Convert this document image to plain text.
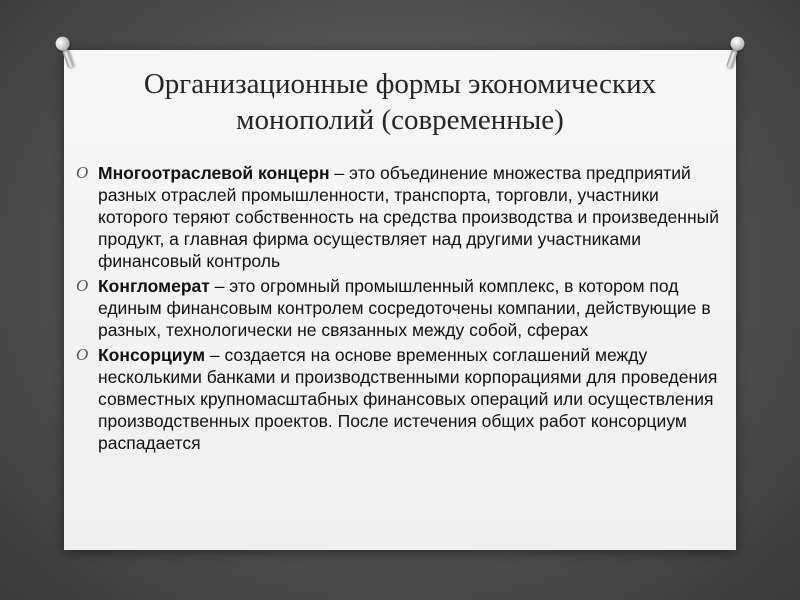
Организационные формы экономических монополий (современные)
O Многоотраслевой концерн – это объединение множества предприятий разных отраслей промышленности, транспорта, торговли, участники которого теряют собственность на средства производства и произведенный продукт, а главная фирма осуществляет над другими участниками финансовый контроль
O Конгломерат – это огромный промышленный комплекс, в котором под единым финансовым контролем сосредоточены компании, действующие в разных, технологически не связанных между собой, сферах
O Консорциум – создается на основе временных соглашений между несколькими банками и производственными корпорациями для проведения совместных крупномасштабных финансовых операций или осуществления производственных проектов. После истечения общих работ консорциум распадается
